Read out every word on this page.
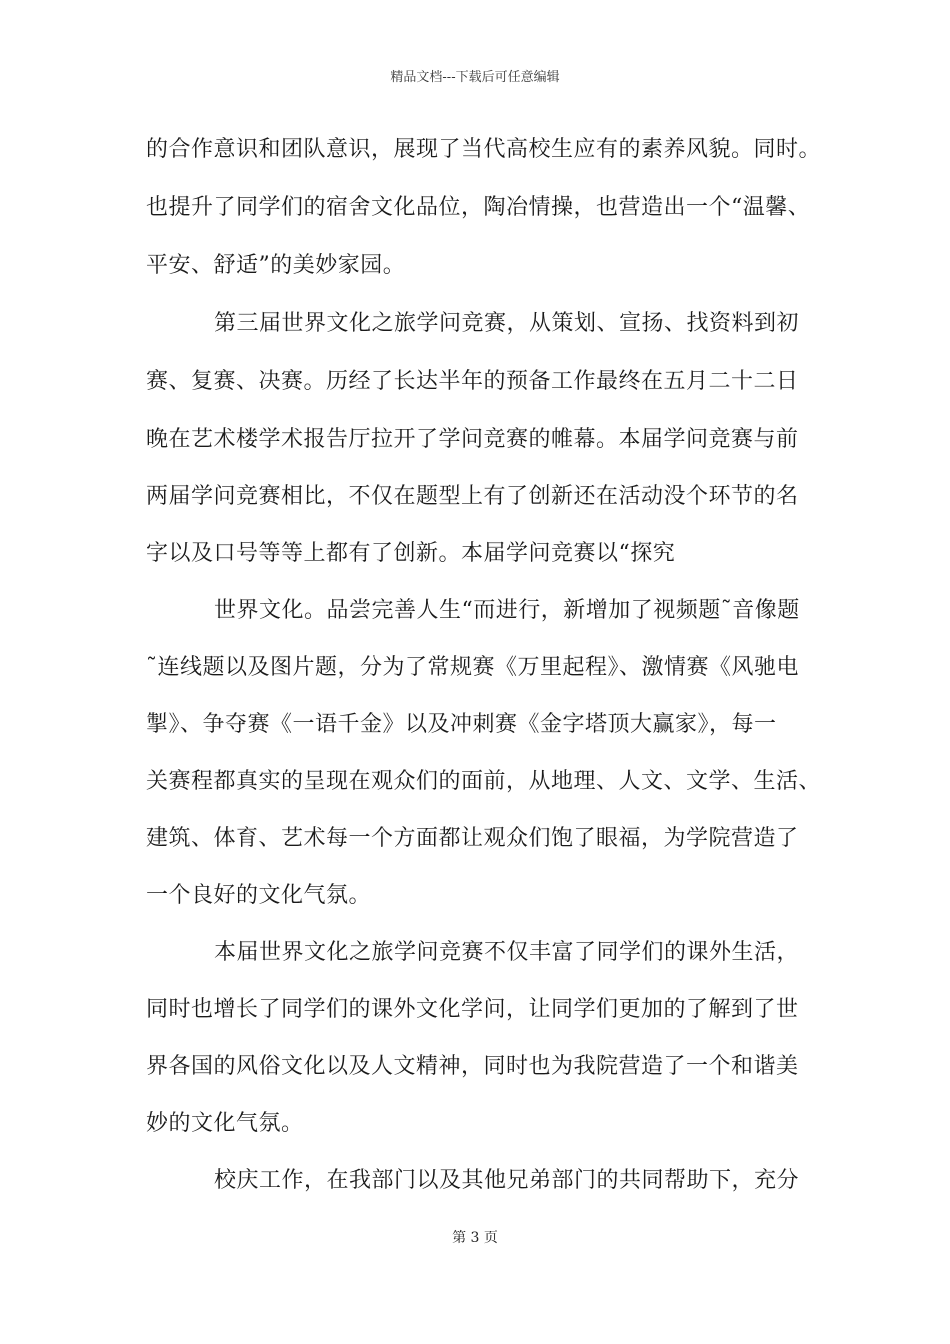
精品文档---下载后可任意编辑
的合作意识和团队意识，展现了当代高校生应有的素养风貌。同时。
也提升了同学们的宿舍文化品位，陶冶情操，也营造出一个“温馨、
平安、舒适”的美妙家园。
第三届世界文化之旅学问竞赛，从策划、宣扬、找资料到初
赛、复赛、决赛。历经了长达半年的预备工作最终在五月二十二日
晚在艺术楼学术报告厅拉开了学问竞赛的帷幕。本届学问竞赛与前
两届学问竞赛相比，不仅在题型上有了创新还在活动没个环节的名
字以及口号等等上都有了创新。本届学问竞赛以“探究
世界文化。品尝完善人生“而进行，新增加了视频题˜音像题
˜连线题以及图片题，分为了常规赛《万里起程》、激情赛《风驰电
掣》、争夺赛《一语千金》以及冲刺赛《金字塔顶大赢家》，每一
关赛程都真实的呈现在观众们的面前，从地理、人文、文学、生活、
建筑、体育、艺术每一个方面都让观众们饱了眼福，为学院营造了
一个良好的文化气氛。
本届世界文化之旅学问竞赛不仅丰富了同学们的课外生活，
同时也增长了同学们的课外文化学问，让同学们更加的了解到了世
界各国的风俗文化以及人文精神，同时也为我院营造了一个和谐美
妙的文化气氛。
校庆工作，在我部门以及其他兄弟部门的共同帮助下，充分
第 3 页
